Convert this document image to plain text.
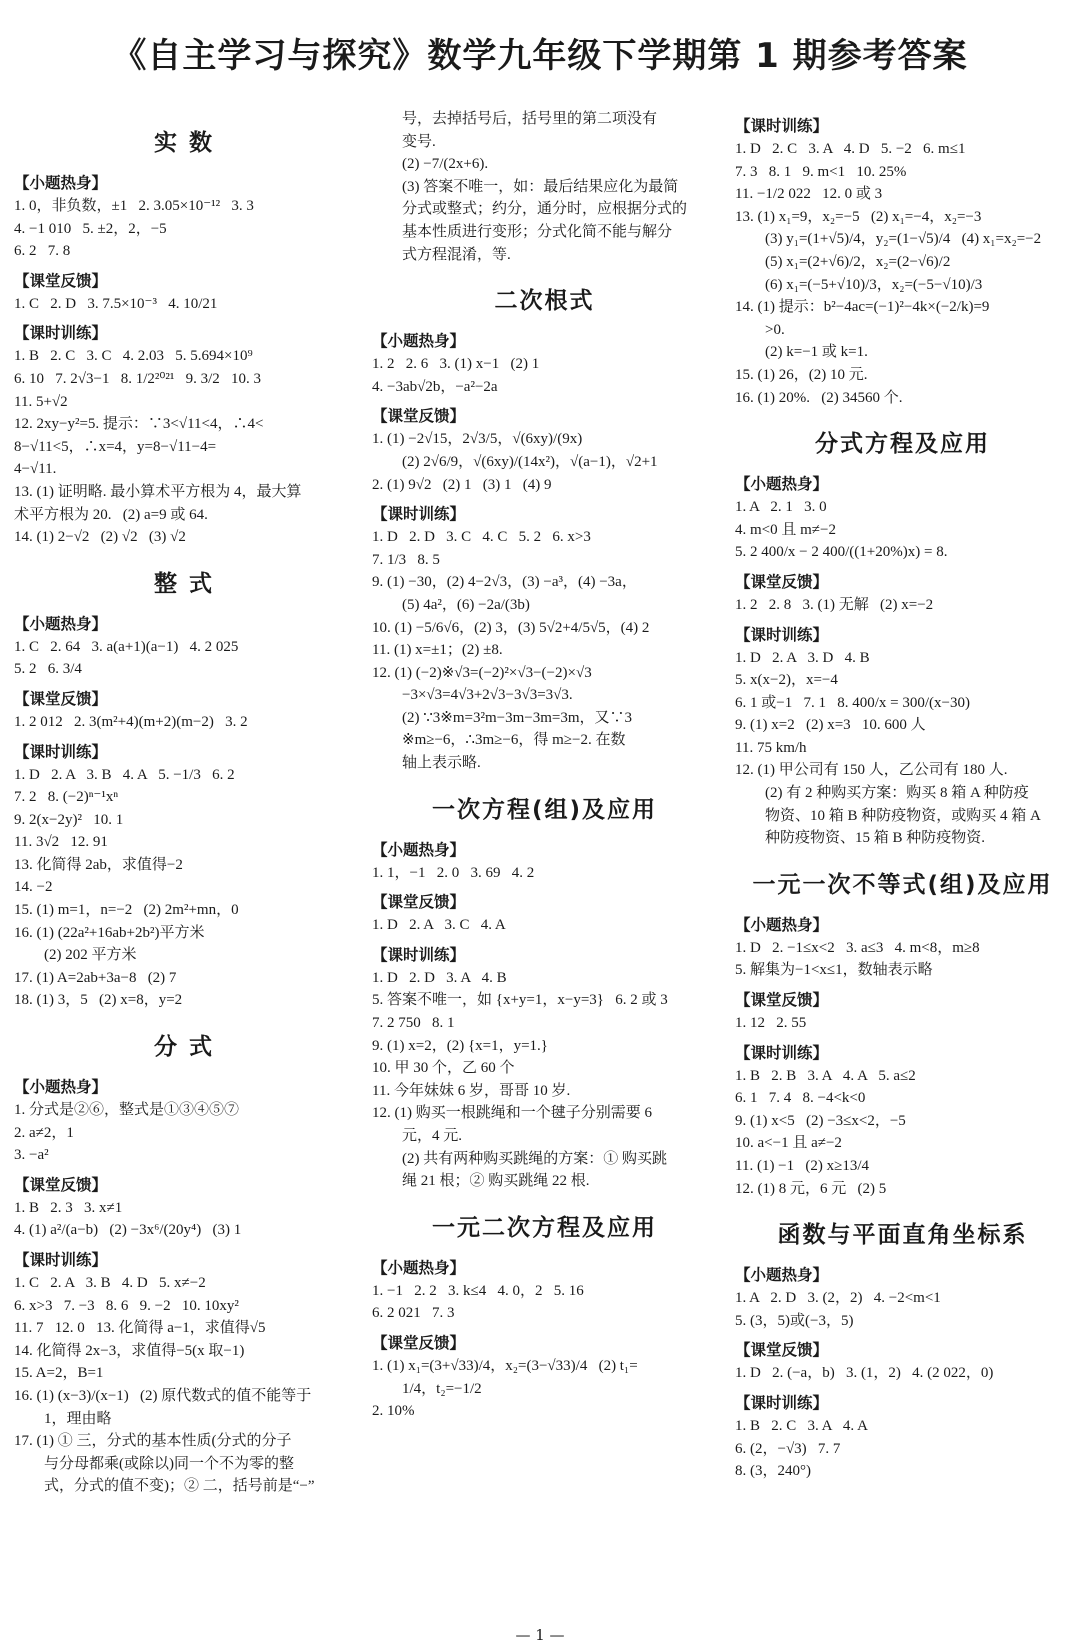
《自主学习与探究》数学九年级下学期第 1 期参考答案
实 数
【小题热身】
1. 0，非负数，±1   2. 3.05×10⁻¹²   3. 3
4. −1 010   5. ±2，2，−5
6. 2   7. 8
【课堂反馈】
1. C   2. D   3. 7.5×10⁻³   4. 10/21
【课时训练】
1. B   2. C   3. C   4. 2.03   5. 5.694×10⁹
6. 10   7. 2√3−1   8. 1/2²⁰²¹   9. 3/2   10. 3
11. 5+√2
12. 2xy−y²=5. 提示：∵3<√11<4，∴4<
8−√11<5，∴x=4，y=8−√11−4=
4−√11.
13. (1) 证明略. 最小算术平方根为 4，最大算
术平方根为 20.   (2) a=9 或 64.
14. (1) 2−√2   (2) √2   (3) √2
整 式
【小题热身】
1. C   2. 64   3. a(a+1)(a−1)   4. 2 025
5. 2   6. 3/4
【课堂反馈】
1. 2 012   2. 3(m²+4)(m+2)(m−2)   3. 2
【课时训练】
1. D   2. A   3. B   4. A   5. −1/3   6. 2
7. 2   8. (−2)ⁿ⁻¹xⁿ
9. 2(x−2y)²   10. 1
11. 3√2   12. 91
13. 化简得 2ab，求值得−2
14. −2
15. (1) m=1，n=−2   (2) 2m²+mn，0
16. (1) (22a²+16ab+2b²)平方米
(2) 202 平方米
17. (1) A=2ab+3a−8   (2) 7
18. (1) 3，5   (2) x=8，y=2
分 式
【小题热身】
1. 分式是②⑥，整式是①③④⑤⑦
2. a≠2，1
3. −a²
【课堂反馈】
1. B   2. 3   3. x≠1
4. (1) a²/(a−b)   (2) −3x⁶/(20y⁴)   (3) 1
【课时训练】
1. C   2. A   3. B   4. D   5. x≠−2
6. x>3   7. −3   8. 6   9. −2   10. 10xy²
11. 7   12. 0   13. 化简得 a−1，求值得√5
14. 化简得 2x−3，求值得−5(x 取−1)
15. A=2，B=1
16. (1) (x−3)/(x−1)   (2) 原代数式的值不能等于
1，理由略
17. (1) ① 三，分式的基本性质(分式的分子
与分母都乘(或除以)同一个不为零的整
式，分式的值不变)；② 二，括号前是“−”
号，去掉括号后，括号里的第二项没有
变号.
(2) −7/(2x+6).
(3) 答案不唯一，如：最后结果应化为最简
分式或整式；约分，通分时，应根据分式的
基本性质进行变形；分式化简不能与解分
式方程混淆，等.
二次根式
【小题热身】
1. 2   2. 6   3. (1) x−1   (2) 1
4. −3ab√2b，−a²−2a
【课堂反馈】
1. (1) −2√15，2√3/5，√(6xy)/(9x)
(2) 2√6/9，√(6xy)/(14x²)，√(a−1)，√2+1
2. (1) 9√2   (2) 1   (3) 1   (4) 9
【课时训练】
1. D   2. D   3. C   4. C   5. 2   6. x>3
7. 1/3   8. 5
9. (1) −30，(2) 4−2√3，(3) −a³，(4) −3a，
(5) 4a²，(6) −2a/(3b)
10. (1) −5/6√6，(2) 3，(3) 5√2+4/5√5，(4) 2
11. (1) x=±1；(2) ±8.
12. (1) (−2)※√3=(−2)²×√3−(−2)×√3
−3×√3=4√3+2√3−3√3=3√3.
(2) ∵3※m=3²m−3m−3m=3m，又∵3
※m≥−6，∴3m≥−6，得 m≥−2. 在数
轴上表示略.
一次方程(组)及应用
【小题热身】
1. 1，−1   2. 0   3. 69   4. 2
【课堂反馈】
1. D   2. A   3. C   4. A
【课时训练】
1. D   2. D   3. A   4. B
5. 答案不唯一，如 {x+y=1，x−y=3}   6. 2 或 3
7. 2 750   8. 1
9. (1) x=2，(2) {x=1，y=1.}
10. 甲 30 个，乙 60 个
11. 今年妹妹 6 岁，哥哥 10 岁.
12. (1) 购买一根跳绳和一个毽子分别需要 6
元，4 元.
(2) 共有两种购买跳绳的方案：① 购买跳
绳 21 根；② 购买跳绳 22 根.
一元二次方程及应用
【小题热身】
1. −1   2. 2   3. k≤4   4. 0，2   5. 16
6. 2 021   7. 3
【课堂反馈】
1. (1) x₁=(3+√33)/4，x₂=(3−√33)/4   (2) t₁=
1/4，t₂=−1/2
2. 10%
【课时训练】
1. D   2. C   3. A   4. D   5. −2   6. m≤1
7. 3   8. 1   9. m<1   10. 25%
11. −1/2 022   12. 0 或 3
13. (1) x₁=9，x₂=−5   (2) x₁=−4，x₂=−3
(3) y₁=(1+√5)/4，y₂=(1−√5)/4   (4) x₁=x₂=−2
(5) x₁=(2+√6)/2，x₂=(2−√6)/2
(6) x₁=(−5+√10)/3，x₂=(−5−√10)/3
14. (1) 提示：b²−4ac=(−1)²−4k×(−2/k)=9
>0.
(2) k=−1 或 k=1.
15. (1) 26，(2) 10 元.
16. (1) 20%.   (2) 34560 个.
分式方程及应用
【小题热身】
1. A   2. 1   3. 0
4. m<0 且 m≠−2
5. 2 400/x − 2 400/((1+20%)x) = 8.
【课堂反馈】
1. 2   2. 8   3. (1) 无解   (2) x=−2
【课时训练】
1. D   2. A   3. D   4. B
5. x(x−2)，x=−4
6. 1 或−1   7. 1   8. 400/x = 300/(x−30)
9. (1) x=2   (2) x=3   10. 600 人
11. 75 km/h
12. (1) 甲公司有 150 人，乙公司有 180 人.
(2) 有 2 种购买方案：购买 8 箱 A 种防疫
物资、10 箱 B 种防疫物资，或购买 4 箱 A
种防疫物资、15 箱 B 种防疫物资.
一元一次不等式(组)及应用
【小题热身】
1. D   2. −1≤x<2   3. a≤3   4. m<8，m≥8
5. 解集为−1<x≤1，数轴表示略
【课堂反馈】
1. 12   2. 55
【课时训练】
1. B   2. B   3. A   4. A   5. a≤2
6. 1   7. 4   8. −4<k<0
9. (1) x<5   (2) −3≤x<2，−5
10. a<−1 且 a≠−2
11. (1) −1   (2) x≥13/4
12. (1) 8 元，6 元   (2) 5
函数与平面直角坐标系
【小题热身】
1. A   2. D   3. (2，2)   4. −2<m<1
5. (3，5)或(−3，5)
【课堂反馈】
1. D   2. (−a，b)   3. (1，2)   4. (2 022，0)
【课时训练】
1. B   2. C   3. A   4. A
6. (2，−√3)   7. 7
8. (3，240°)
— 1 —
